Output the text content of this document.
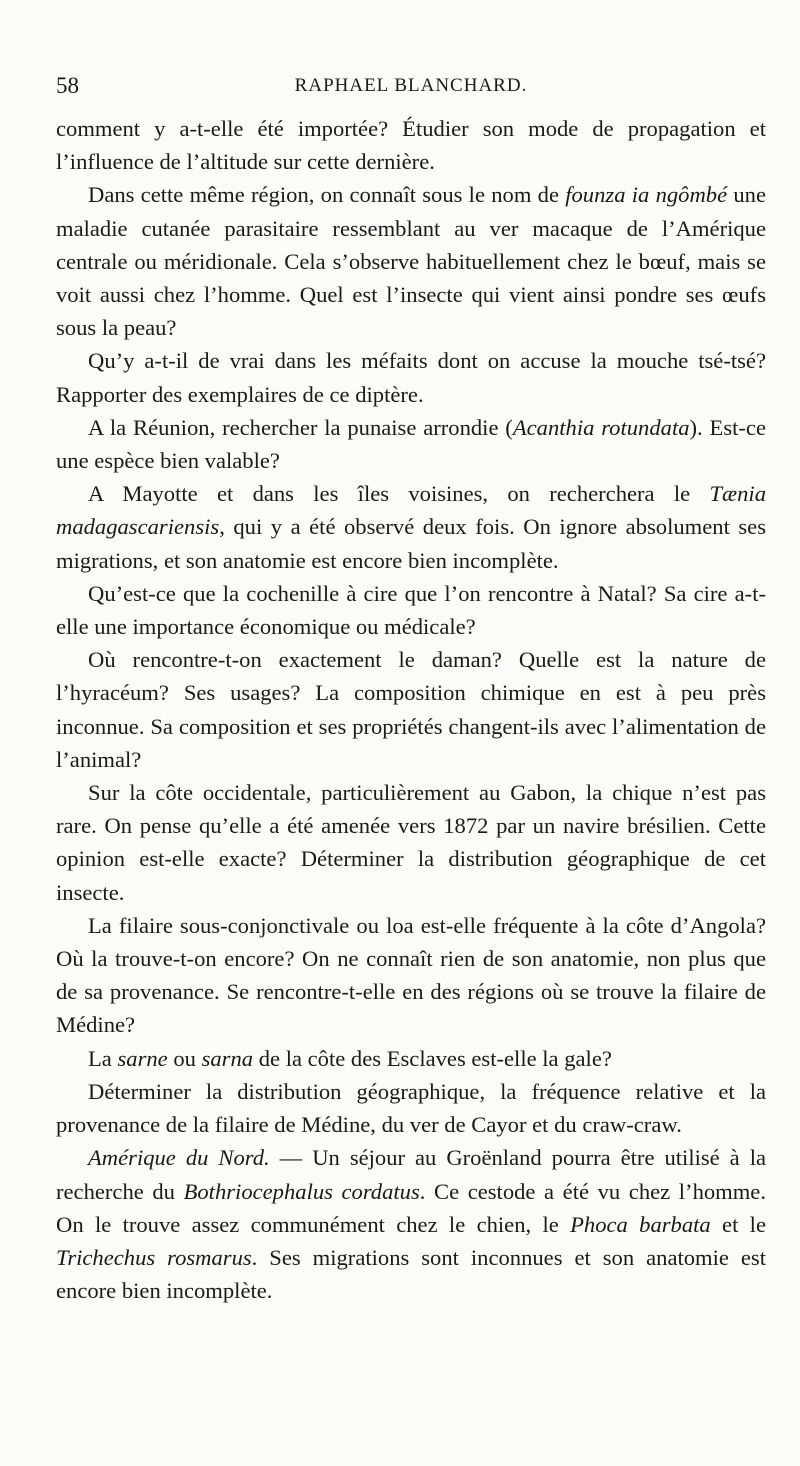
58	RAPHAEL BLANCHARD.

comment y a-t-elle été importée? Étudier son mode de propagation et l’influence de l’altitude sur cette dernière.

Dans cette même région, on connaît sous le nom de founza ia ngômbé une maladie cutanée parasitaire ressemblant au ver macaque de l’Amérique centrale ou méridionale. Cela s’observe habituellement chez le bœuf, mais se voit aussi chez l’homme. Quel est l’insecte qui vient ainsi pondre ses œufs sous la peau?

Qu’y a-t-il de vrai dans les méfaits dont on accuse la mouche tsé-tsé? Rapporter des exemplaires de ce diptère.

A la Réunion, rechercher la punaise arrondie (Acanthia rotundata). Est-ce une espèce bien valable?

A Mayotte et dans les îles voisines, on recherchera le Tænia madagascariensis, qui y a été observé deux fois. On ignore absolument ses migrations, et son anatomie est encore bien incomplète.

Qu’est-ce que la cochenille à cire que l’on rencontre à Natal? Sa cire a-t-elle une importance économique ou médicale?

Où rencontre-t-on exactement le daman? Quelle est la nature de l’hyracéum? Ses usages? La composition chimique en est à peu près inconnue. Sa composition et ses propriétés changent-ils avec l’alimentation de l’animal?

Sur la côte occidentale, particulièrement au Gabon, la chique n’est pas rare. On pense qu’elle a été amenée vers 1872 par un navire brésilien. Cette opinion est-elle exacte? Déterminer la distribution géographique de cet insecte.

La filaire sous-conjonctivale ou loa est-elle fréquente à la côte d’Angola? Où la trouve-t-on encore? On ne connaît rien de son anatomie, non plus que de sa provenance. Se rencontre-t-elle en des régions où se trouve la filaire de Médine?

La sarne ou sarna de la côte des Esclaves est-elle la gale?

Déterminer la distribution géographique, la fréquence relative et la provenance de la filaire de Médine, du ver de Cayor et du craw-craw.

Amérique du Nord. — Un séjour au Groënland pourra être utilisé à la recherche du Bothriocephalus cordatus. Ce cestode a été vu chez l’homme. On le trouve assez communément chez le chien, le Phoca barbata et le Trichechus rosmarus. Ses migrations sont inconnues et son anatomie est encore bien incomplète.
